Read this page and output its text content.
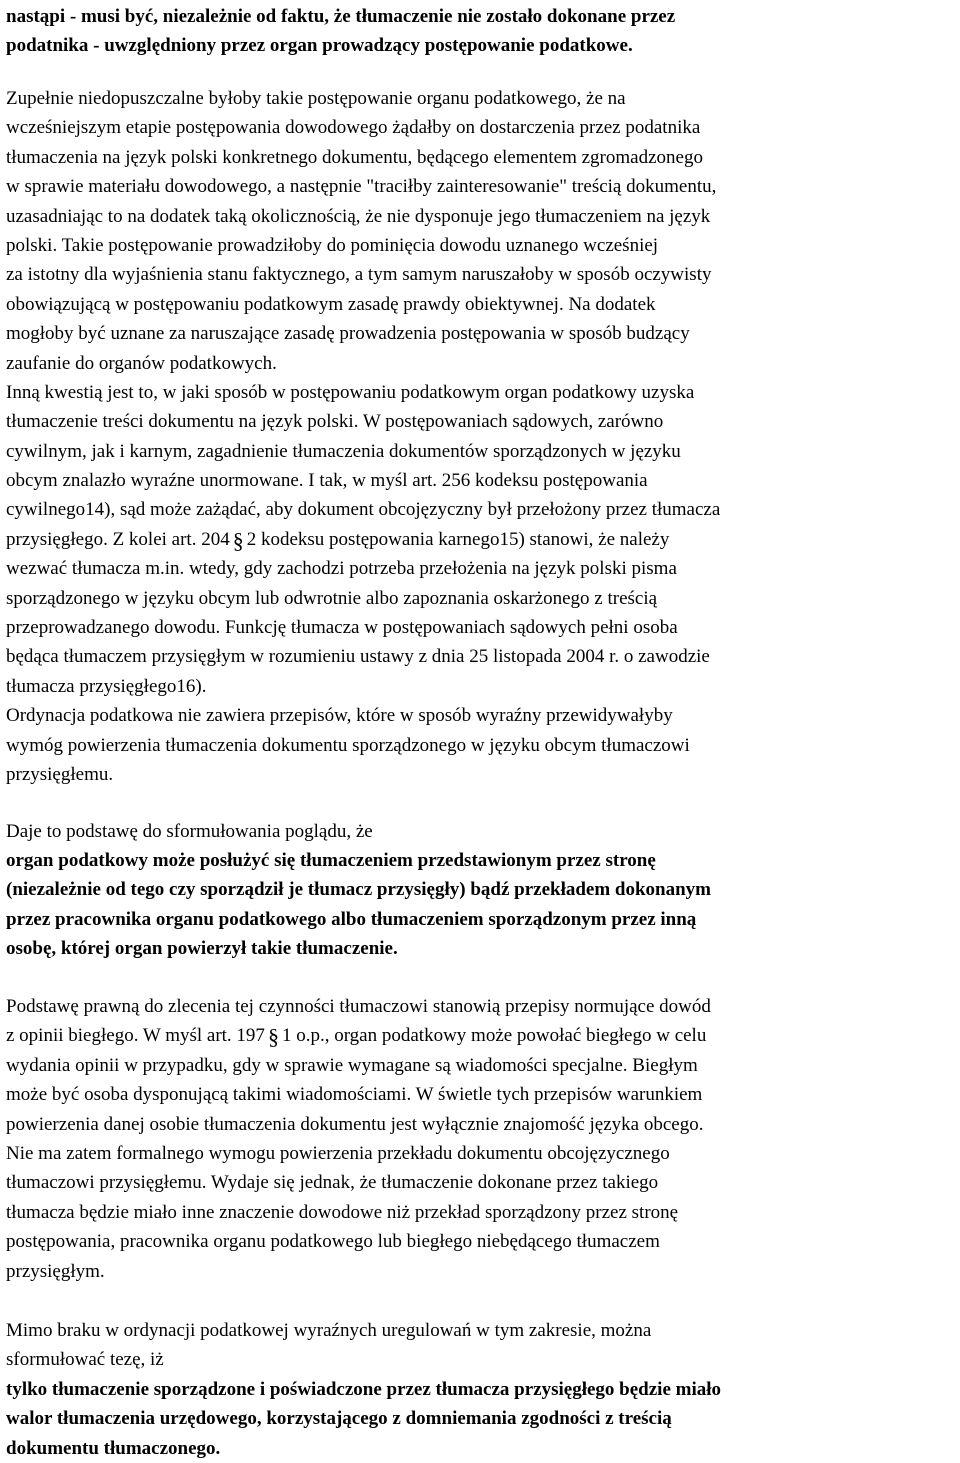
nastąpi - musi być, niezależnie od faktu, że tłumaczenie nie zostało dokonane przez
podatnika - uwzględniony przez organ prowadzący postępowanie podatkowe.
Zupełnie niedopuszczalne byłoby takie postępowanie organu podatkowego, że na
wcześniejszym etapie postępowania dowodowego żądałby on dostarczenia przez podatnika
tłumaczenia na język polski konkretnego dokumentu, będącego elementem zgromadzonego
w sprawie materiału dowodowego, a następnie "traciłby zainteresowanie" treścią dokumentu,
uzasadniając to na dodatek taką okolicznością, że nie dysponuje jego tłumaczeniem na język
polski. Takie postępowanie prowadziłoby do pominięcia dowodu uznanego wcześniej
za istotny dla wyjaśnienia stanu faktycznego, a tym samym naruszałoby w sposób oczywisty
obowiązującą w postępowaniu podatkowym zasadę prawdy obiektywnej. Na dodatek
mogłoby być uznane za naruszające zasadę prowadzenia postępowania w sposób budzący
zaufanie do organów podatkowych.
Inną kwestią jest to, w jaki sposób w postępowaniu podatkowym organ podatkowy uzyska
tłumaczenie treści dokumentu na język polski. W postępowaniach sądowych, zarówno
cywilnym, jak i karnym, zagadnienie tłumaczenia dokumentów sporządzonych w języku
obcym znalazło wyraźne unormowane. I tak, w myśl art. 256 kodeksu postępowania
cywilnego14), sąd może zażądać, aby dokument obcojęzyczny był przełożony przez tłumacza
przysięgłego. Z kolei art. 204 § 2 kodeksu postępowania karnego15) stanowi, że należy
wezwać tłumacza m.in. wtedy, gdy zachodzi potrzeba przełożenia na język polski pisma
sporządzonego w języku obcym lub odwrotnie albo zapoznania oskarżonego z treścią
przeprowadzanego dowodu. Funkcję tłumacza w postępowaniach sądowych pełni osoba
będąca tłumaczem przysięgłym w rozumieniu ustawy z dnia 25 listopada 2004 r. o zawodzie
tłumacza przysięgłego16).
Ordynacja podatkowa nie zawiera przepisów, które w sposób wyraźny przewidywałyby
wymóg powierzenia tłumaczenia dokumentu sporządzonego w języku obcym tłumaczowi
przysięgłemu.
Daje to podstawę do sformułowania poglądu, że
organ podatkowy może posłużyć się tłumaczeniem przedstawionym przez stronę
(niezależnie od tego czy sporządził je tłumacz przysięgły) bądź przekładem dokonanym
przez pracownika organu podatkowego albo tłumaczeniem sporządzonym przez inną
osobę, której organ powierzył takie tłumaczenie.
Podstawę prawną do zlecenia tej czynności tłumaczowi stanowią przepisy normujące dowód
z opinii biegłego. W myśl art. 197 § 1 o.p., organ podatkowy może powołać biegłego w celu
wydania opinii w przypadku, gdy w sprawie wymagane są wiadomości specjalne. Biegłym
może być osoba dysponującą takimi wiadomościami. W świetle tych przepisów warunkiem
powierzenia danej osobie tłumaczenia dokumentu jest wyłącznie znajomość języka obcego.
Nie ma zatem formalnego wymogu powierzenia przekładu dokumentu obcojęzycznego
tłumaczowi przysięgłemu. Wydaje się jednak, że tłumaczenie dokonane przez takiego
tłumacza będzie miało inne znaczenie dowodowe niż przekład sporządzony przez stronę
postępowania, pracownika organu podatkowego lub biegłego niebędącego tłumaczem
przysięgłym.
Mimo braku w ordynacji podatkowej wyraźnych uregulowań w tym zakresie, można
sformułować tezę, iż
tylko tłumaczenie sporządzone i poświadczone przez tłumacza przysięgłego będzie miało
walor tłumaczenia urzędowego, korzystającego z domniemania zgodności z treścią
dokumentu tłumaczonego.
